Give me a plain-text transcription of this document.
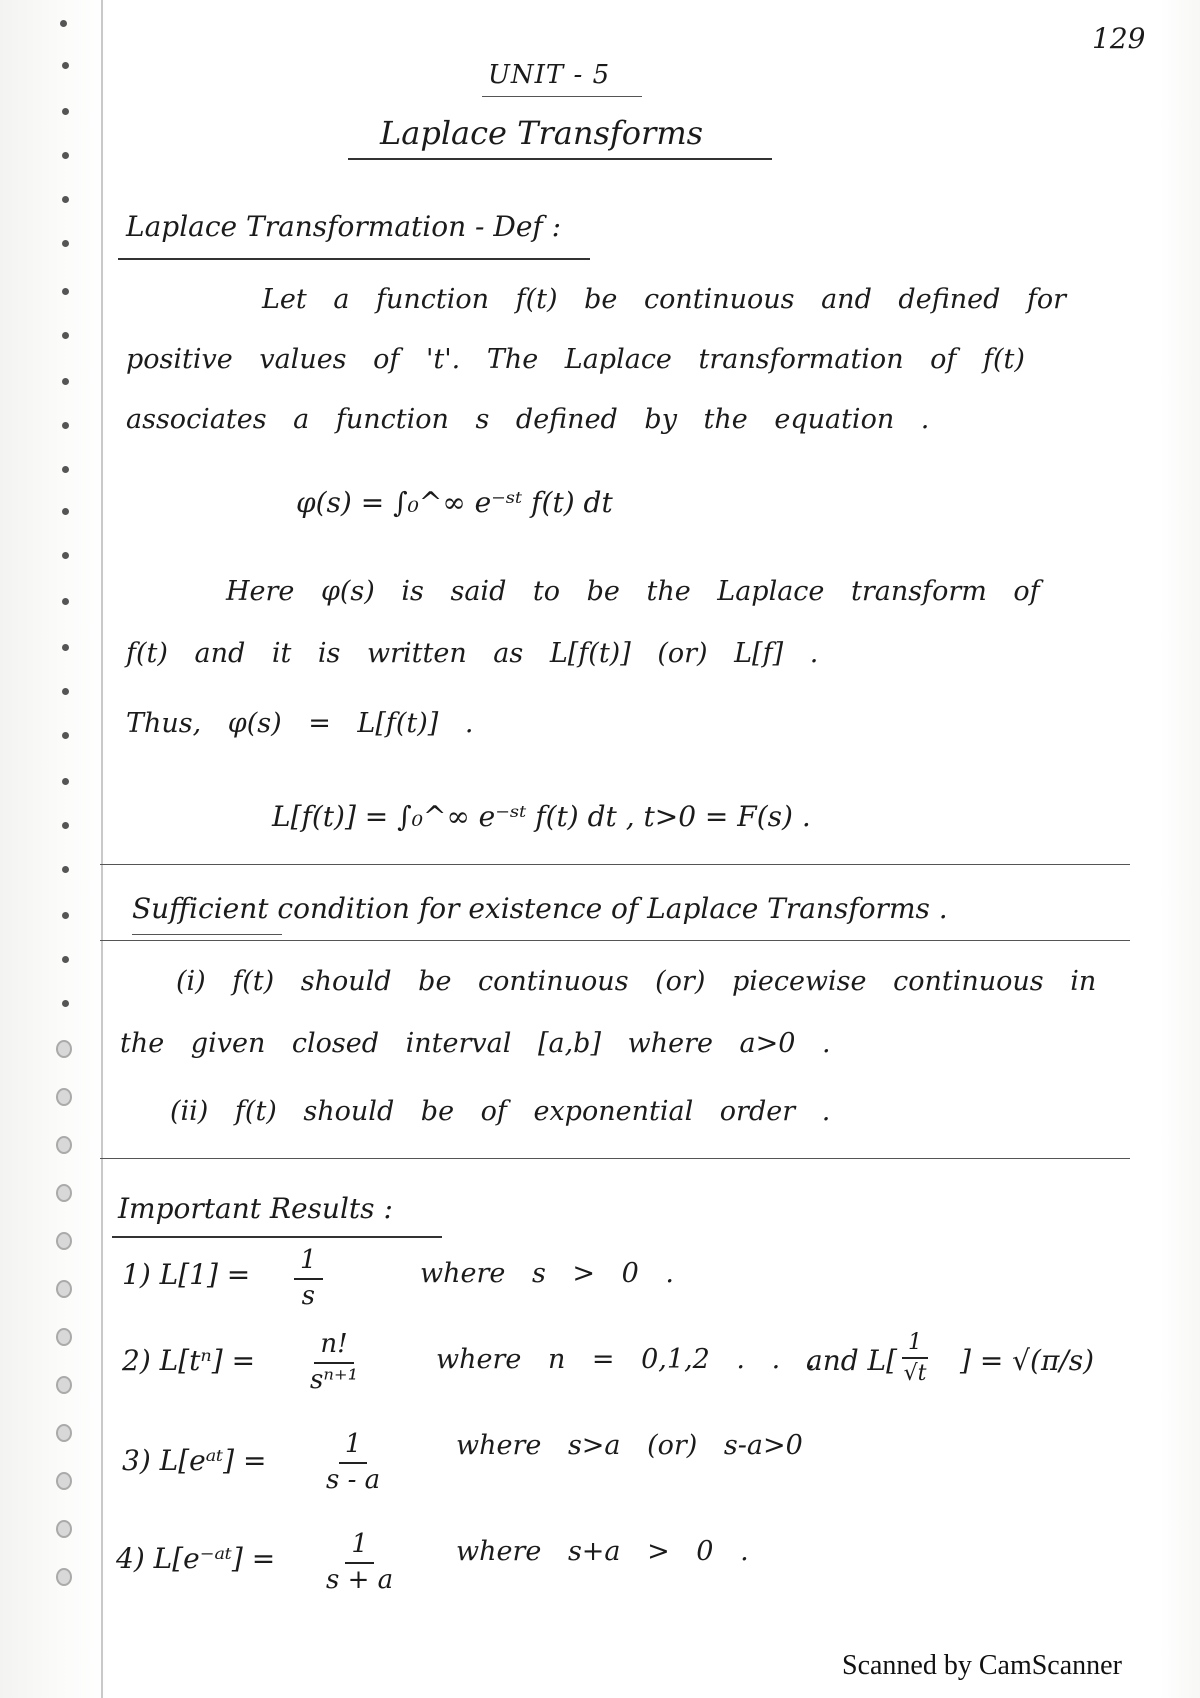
129
UNIT - 5
Laplace Transforms
Laplace Transformation - Def :
Let a function f(t) be continuous and defined for
positive values of 't'. The Laplace transformation of f(t)
associates a function s defined by the equation .
φ(s) = ∫₀^∞ e⁻ˢᵗ f(t) dt
Here φ(s) is said to be the Laplace transform of
f(t) and it is written as L[f(t)] (or) L[f] .
Thus, φ(s) = L[f(t)] .
L[f(t)] = ∫₀^∞ e⁻ˢᵗ f(t) dt , t>0 = F(s) .
Sufficient condition for existence of Laplace Transforms .
(i) f(t) should be continuous (or) piecewise continuous in
the given closed interval [a,b] where a>0 .
(ii) f(t) should be of exponential order .
Important Results :
1) $L[1] = \frac{1}{s}$	where s > 0 .
2) $L[t^n] = \frac{n!}{\text{sⁿ⁺¹}}$	where n = 0,1,2 . . .
and $L[ \frac{1}{√t}$ ] = √(π/s)
3) L[eᵃᵗ] = $\frac{1}{s - a}$	where s>a (or) s-a>0
4) L[e⁻ᵃᵗ] = $\frac{1}{s + a}$ where s+a > 0 .
Scanned by CamScanner
